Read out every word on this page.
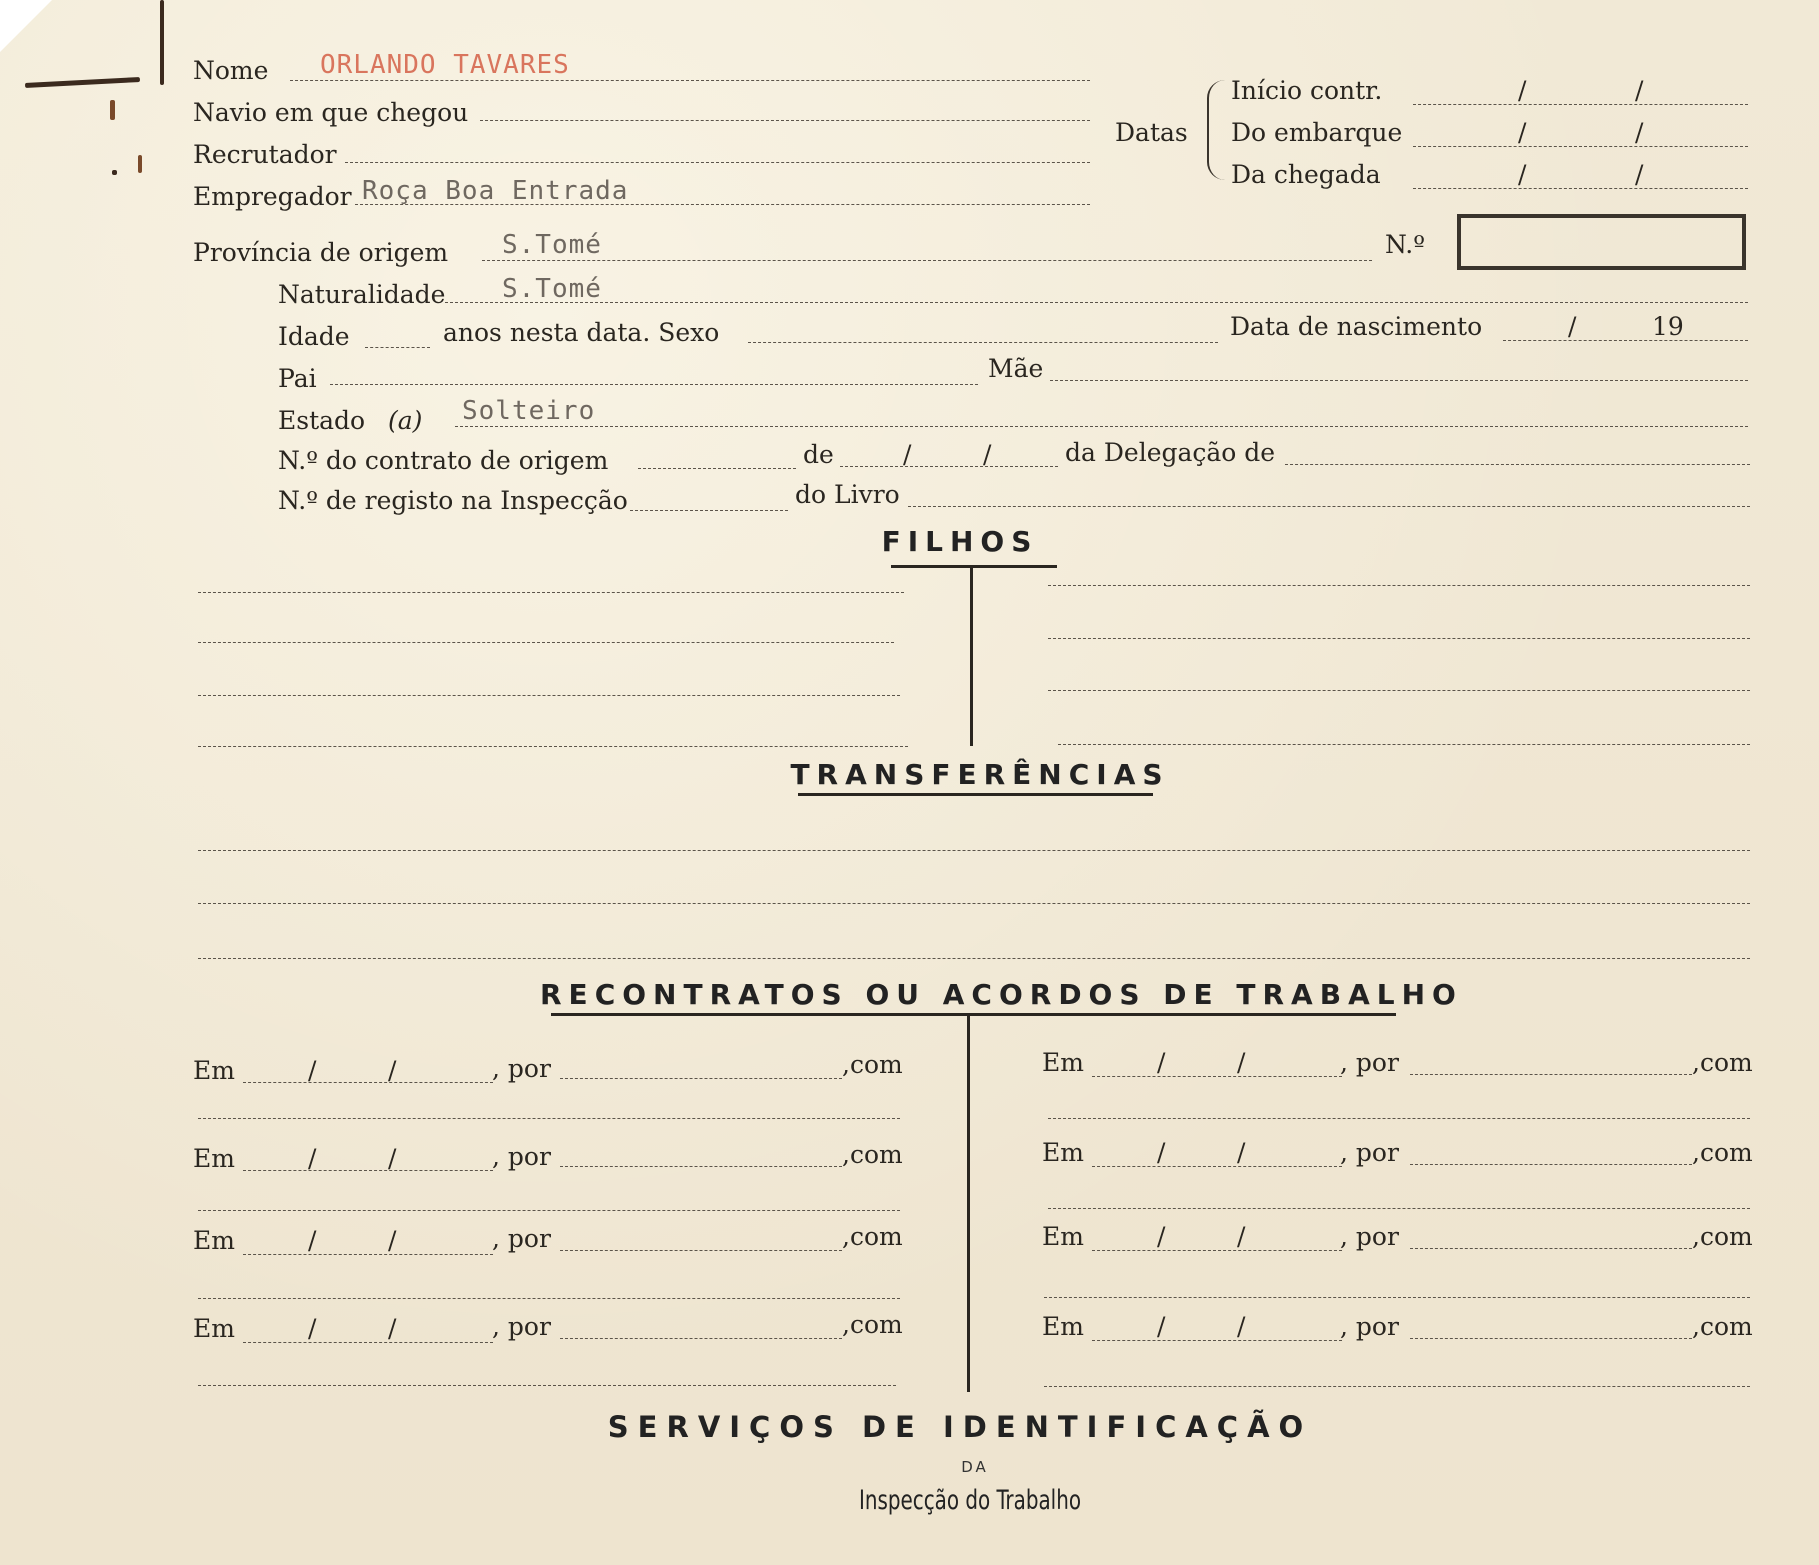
Nome ORLANDO TAVARES
Navio em que chegou
Recrutador
Empregador Roça Boa Entrada
Datas
Início contr.	/	/
Do embarque	/	/
Da chegada	/	/
Província de origem S.Tomé	N.º
Naturalidade S.Tomé
Idade	anos nesta data. Sexo	Data de nascimento	/	19
Pai	Mãe
Estado (a) Solteiro
N.º do contrato de origem	de	/	/	da Delegação de
N.º de registo na Inspecção	do Livro
FILHOS
TRANSFERÊNCIAS
RECONTRATOS OU ACORDOS DE TRABALHO
Em	/	/	, por	,com
Em	/	/	, por	,com
Em	/	/	, por	,com
Em	/	/	, por	,com
Em	/	/	, por	,com
Em	/	/	, por	,com
Em	/	/	, por	,com
Em	/	/	, por	,com
SERVIÇOS DE IDENTIFICAÇÃO
DA
Inspecção do Trabalho
